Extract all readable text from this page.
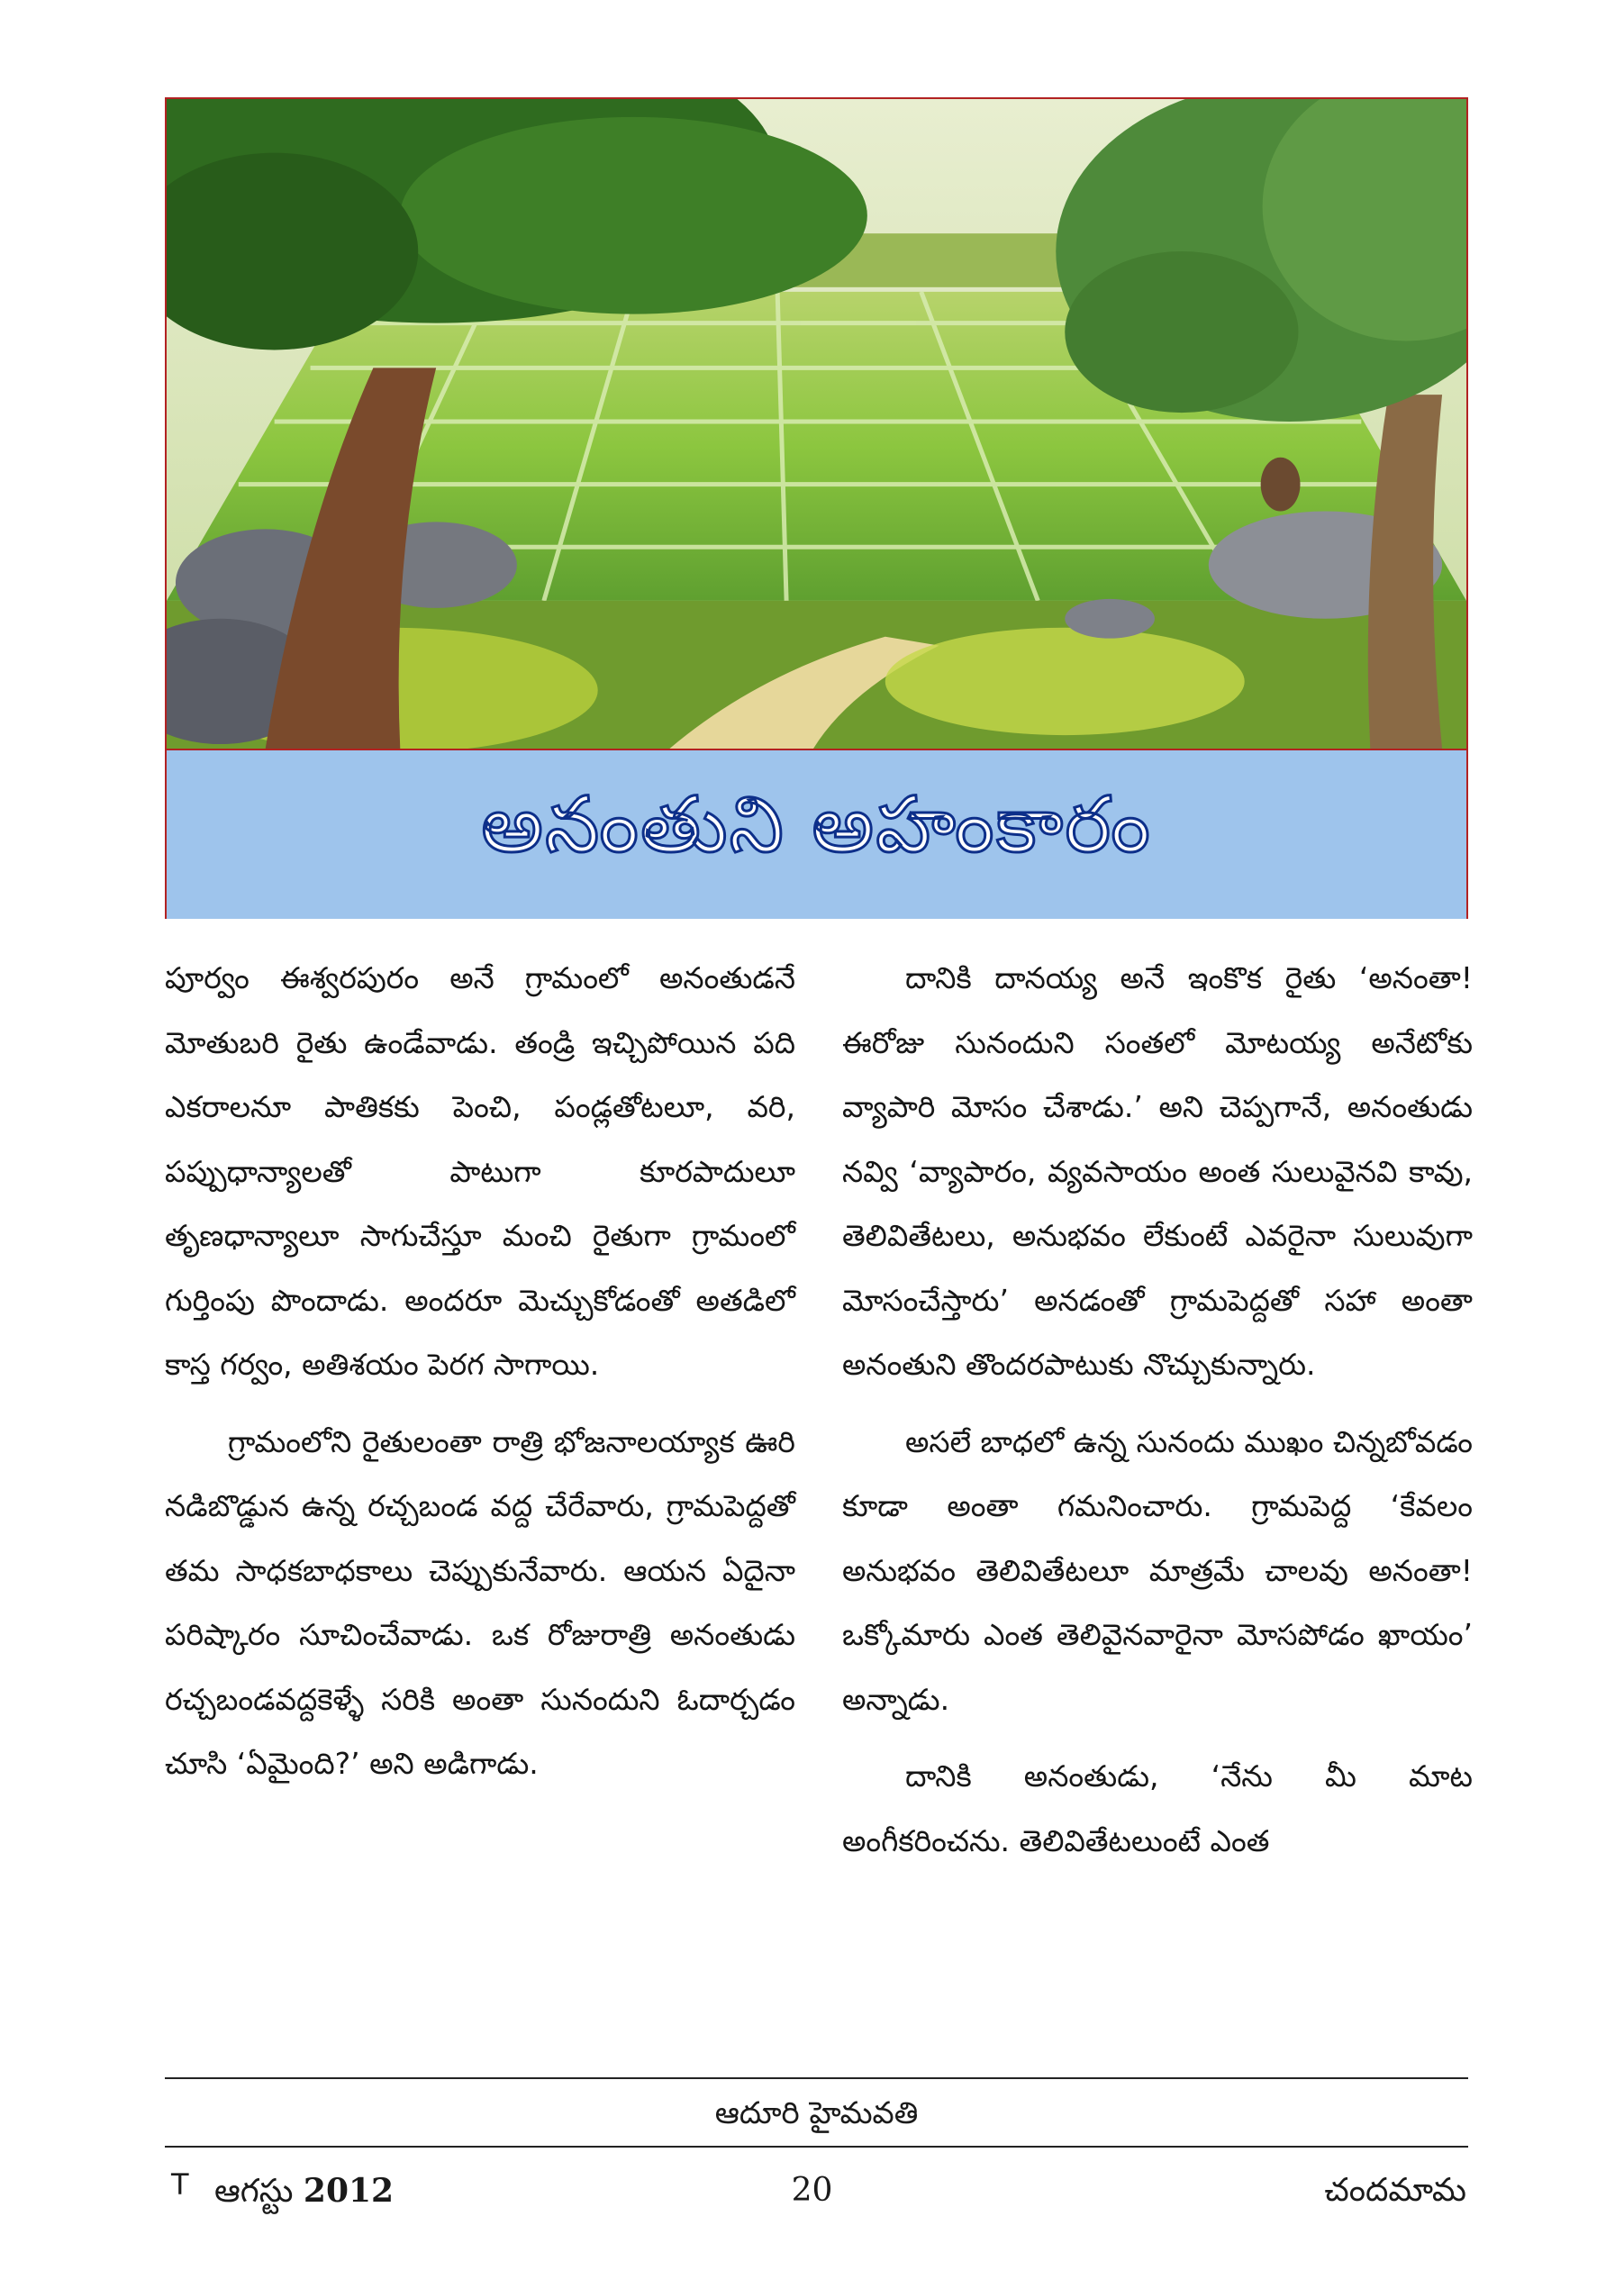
అనంతుని అహంకారం

పూర్వం ఈశ్వరపురం అనే గ్రామంలో అనంతుడనే మోతుబరి రైతు ఉండేవాడు. తండ్రి ఇచ్చిపోయిన పది ఎకరాలనూ పాతికకు పెంచి, పండ్లతోటలూ, వరి, పప్పుధాన్యాలతో పాటుగా కూరపాదులూ తృణధాన్యాలూ సాగుచేస్తూ మంచి రైతుగా గ్రామంలో గుర్తింపు పొందాడు. అందరూ మెచ్చుకోడంతో అతడిలో కాస్త గర్వం, అతిశయం పెరగ సాగాయి.

గ్రామంలోని రైతులంతా రాత్రి భోజనాలయ్యాక ఊరి నడిబొడ్డున ఉన్న రచ్చబండ వద్ద చేరేవారు, గ్రామపెద్దతో తమ సాధకబాధకాలు చెప్పుకునేవారు. ఆయన ఏదైనా పరిష్కారం సూచించేవాడు. ఒక రోజురాత్రి అనంతుడు రచ్చబండవద్దకెళ్ళే సరికి అంతా సునందుని ఓదార్చడం చూసి ‘ఏమైంది?’ అని అడిగాడు.

దానికి దానయ్య అనే ఇంకొక రైతు ‘అనంతా! ఈరోజు సునందుని సంతలో మోటయ్య అనేటోకు వ్యాపారి మోసం చేశాడు.’ అని చెప్పగానే, అనంతుడు నవ్వి ‘వ్యాపారం, వ్యవసాయం అంత సులువైనవి కావు, తెలివితేటలు, అనుభవం లేకుంటే ఎవరైనా సులువుగా మోసంచేస్తారు’ అనడంతో గ్రామపెద్దతో సహా అంతా అనంతుని తొందరపాటుకు నొచ్చుకున్నారు.

అసలే బాధలో ఉన్న సునందు ముఖం చిన్నబోవడం కూడా అంతా గమనించారు. గ్రామపెద్ద ‘కేవలం అనుభవం తెలివితేటలూ మాత్రమే చాలవు అనంతా! ఒక్కోమారు ఎంత తెలివైనవారైనా మోసపోడం ఖాయం’ అన్నాడు.

దానికి అనంతుడు, ‘నేను మీ మాట అంగీకరించను. తెలివితేటలుంటే ఎంత

ఆదూరి హైమవతి
T ఆగస్టు 2012	20	చందమామ
